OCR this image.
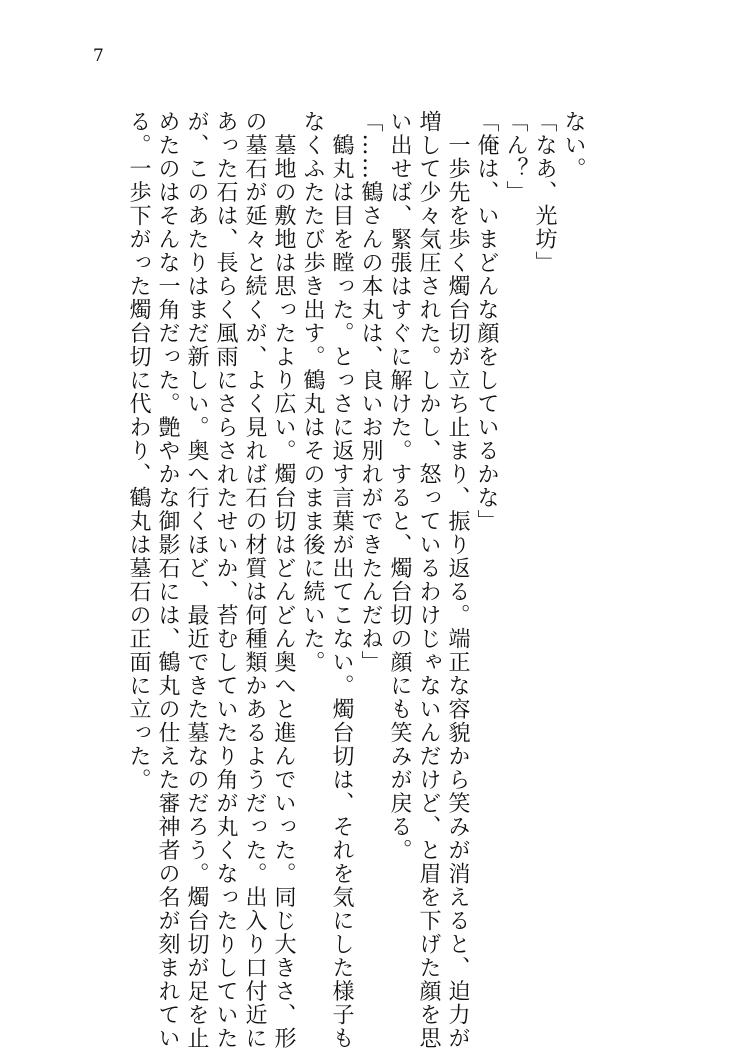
7
ない。
「なあ、光坊」
「ん？」
「俺は、いまどんな顔をしているかな」
　一歩先を歩く燭台切が立ち止まり、振り返る。端正な容貌から笑みが消えると、迫力が
増して少々気圧された。しかし、怒っているわけじゃないんだけど、と眉を下げた顔を思
い出せば、緊張はすぐに解けた。すると、燭台切の顔にも笑みが戻る。
「……鶴さんの本丸は、良いお別れができたんだね」
　鶴丸は目を瞠った。とっさに返す言葉が出てこない。燭台切は、それを気にした様子も
なくふたたび歩き出す。鶴丸はそのまま後に続いた。
　墓地の敷地は思ったより広い。燭台切はどんどん奥へと進んでいった。同じ大きさ、形
の墓石が延々と続くが、よく見れば石の材質は何種類かあるようだった。出入り口付近に
あった石は、長らく風雨にさらされたせいか、苔むしていたり角が丸くなったりしていた
が、このあたりはまだ新しい。奥へ行くほど、最近できた墓なのだろう。燭台切が足を止
めたのはそんな一角だった。艶やかな御影石には、鶴丸の仕えた審神者の名が刻まれてい
る。一歩下がった燭台切に代わり、鶴丸は墓石の正面に立った。
